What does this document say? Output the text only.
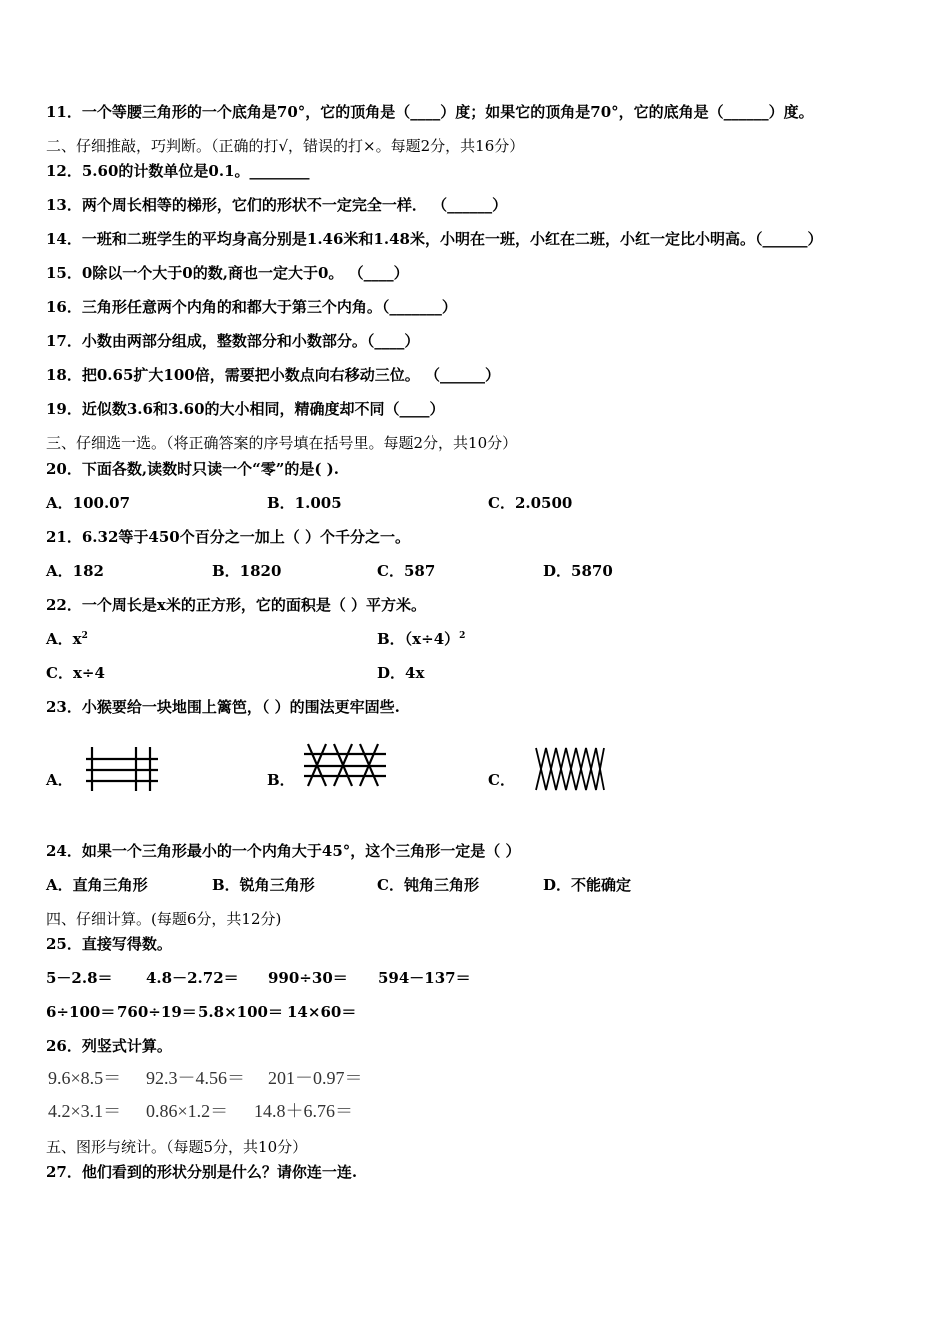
11．一个等腰三角形的一个底角是70°，它的顶角是（____）度；如果它的顶角是70°，它的底角是（______）度。
二、仔细推敲，巧判断。（正确的打√，错误的打×。每题2分，共16分）
12．5.60的计数单位是0.1。________
13．两个周长相等的梯形，它们的形状不一定完全一样． （______）
14．一班和二班学生的平均身高分别是1.46米和1.48米，小明在一班，小红在二班，小红一定比小明高。（______）
15．0除以一个大于0的数,商也一定大于0。 （____）
16．三角形任意两个内角的和都大于第三个内角。（_______）
17．小数由两部分组成，整数部分和小数部分。（____）
18．把0.65扩大100倍，需要把小数点向右移动三位。 （______）
19．近似数3.6和3.60的大小相同，精确度却不同（____）
三、仔细选一选。（将正确答案的序号填在括号里。每题2分，共10分）
20．下面各数,读数时只读一个“零”的是( ).
A．100.07	B．1.005	C．2.0500
21．6.32等于450个百分之一加上（ ）个千分之一。
A．182	B．1820	C．587	D．5870
22．一个周长是x米的正方形，它的面积是（ ）平方米。
A．$x^2$	B．$(x\div 4)^2$
C．x÷4	D．4x
23．小猴要给一块地围上篱笆，（ ）的围法更牢固些.
A．	B．	C．
24．如果一个三角形最小的一个内角大于45°，这个三角形一定是（ ）
A．直角三角形	B．锐角三角形	C．钝角三角形	D．不能确定
四、仔细计算。(每题6分，共12分)
25．直接写得数。
5－2.8＝ 4.8－2.72＝ 990÷30＝ 594－137＝
6÷100＝ 760÷19＝ 5.8×100＝ 14×60＝
26．列竖式计算。
9.6×8.5＝ 92.3－4.56＝ 201－0.97＝
4.2×3.1＝ 0.86×1.2＝ 14.8＋6.76＝
五、图形与统计。（每题5分，共10分）
27．他们看到的形状分别是什么？请你连一连.
